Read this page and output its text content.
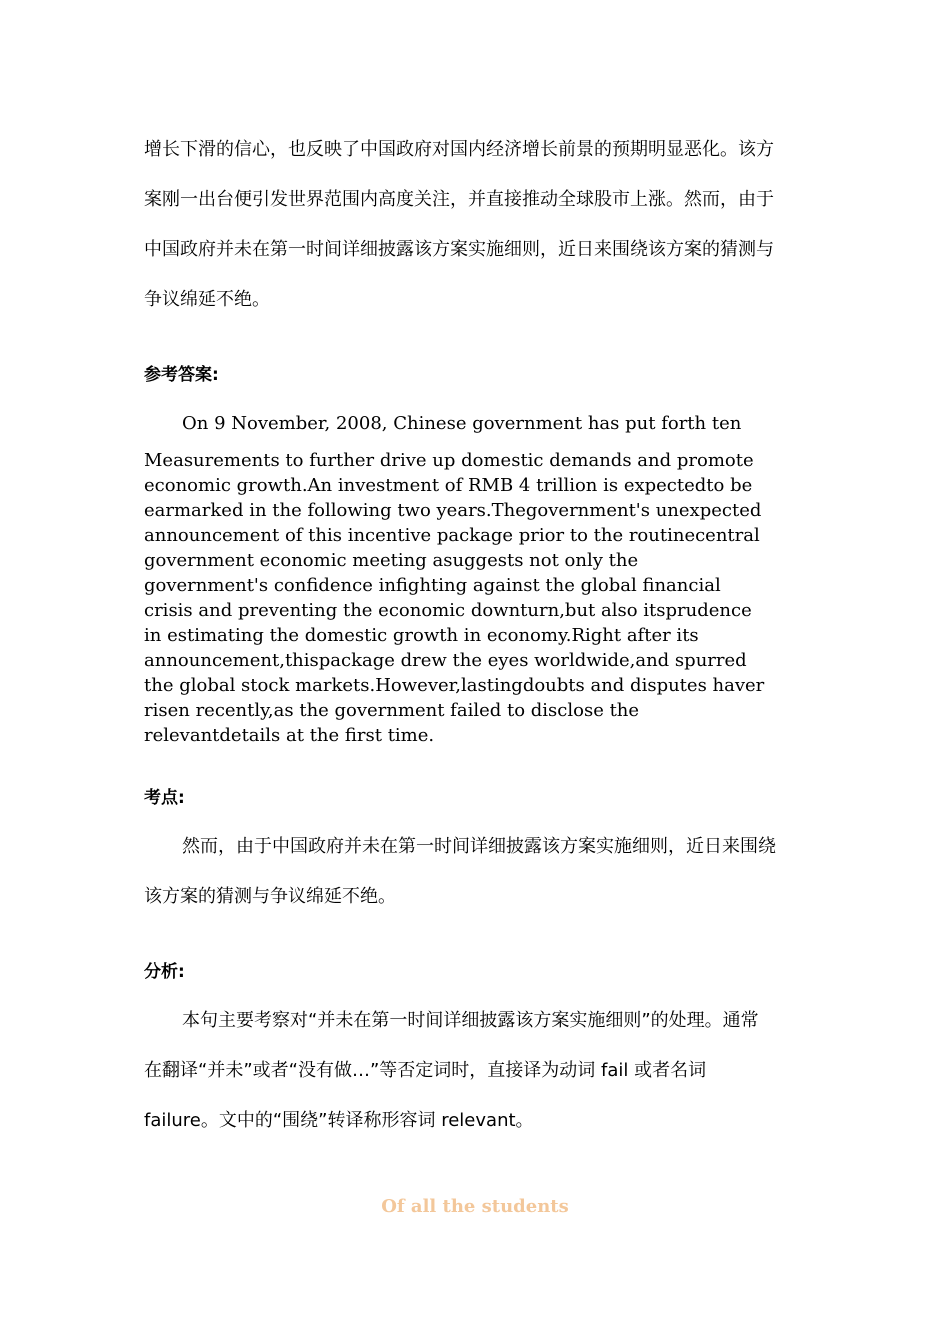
增长下滑的信心，也反映了中国政府对国内经济增长前景的预期明显恶化。该方
案刚一出台便引发世界范围内高度关注，并直接推动全球股市上涨。然而，由于
中国政府并未在第一时间详细披露该方案实施细则，近日来围绕该方案的猜测与
争议绵延不绝。
参考答案:
On 9 November, 2008, Chinese government has put forth ten
Measurements to further drive up domestic demands and promote
economic growth.An investment of RMB 4 trillion is expectedto be
earmarked in the following two years.Thegovernment's unexpected
announcement of this incentive package prior to the routinecentral
government economic meeting asuggests not only the
government's confidence infighting against the global financial
crisis and preventing the economic downturn,but also itsprudence
in estimating the domestic growth in economy.Right after its
announcement,thispackage drew the eyes worldwide,and spurred
the global stock markets.However,lastingdoubts and disputes haver
risen recently,as the government failed to disclose the
relevantdetails at the first time.
考点:
然而，由于中国政府并未在第一时间详细披露该方案实施细则，近日来围绕
该方案的猜测与争议绵延不绝。
分析:
本句主要考察对“并未在第一时间详细披露该方案实施细则”的处理。通常
在翻译“并未”或者“没有做…”等否定词时，直接译为动词 fail 或者名词
failure。文中的“围绕”转译称形容词 relevant。
Of all the students
